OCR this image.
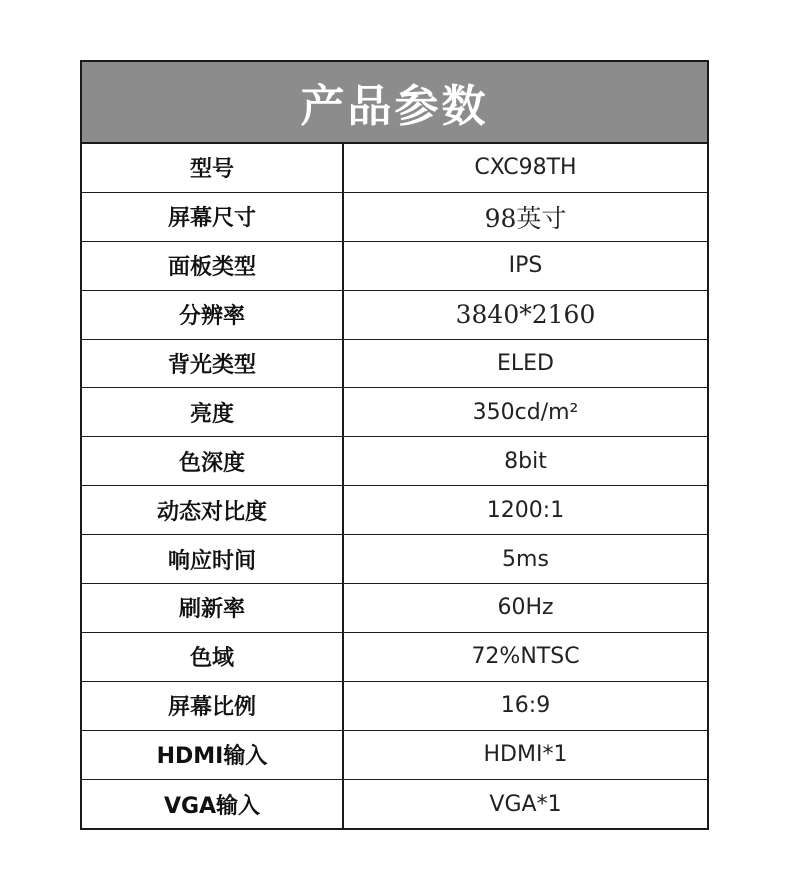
产品参数
型号	CXC98TH
屏幕尺寸	98英寸
面板类型	IPS
分辨率	3840*2160
背光类型	ELED
亮度	350cd/m²
色深度	8bit
动态对比度	1200:1
响应时间	5ms
刷新率	60Hz
色域	72%NTSC
屏幕比例	16:9
HDMI输入	HDMI*1
VGA输入	VGA*1
